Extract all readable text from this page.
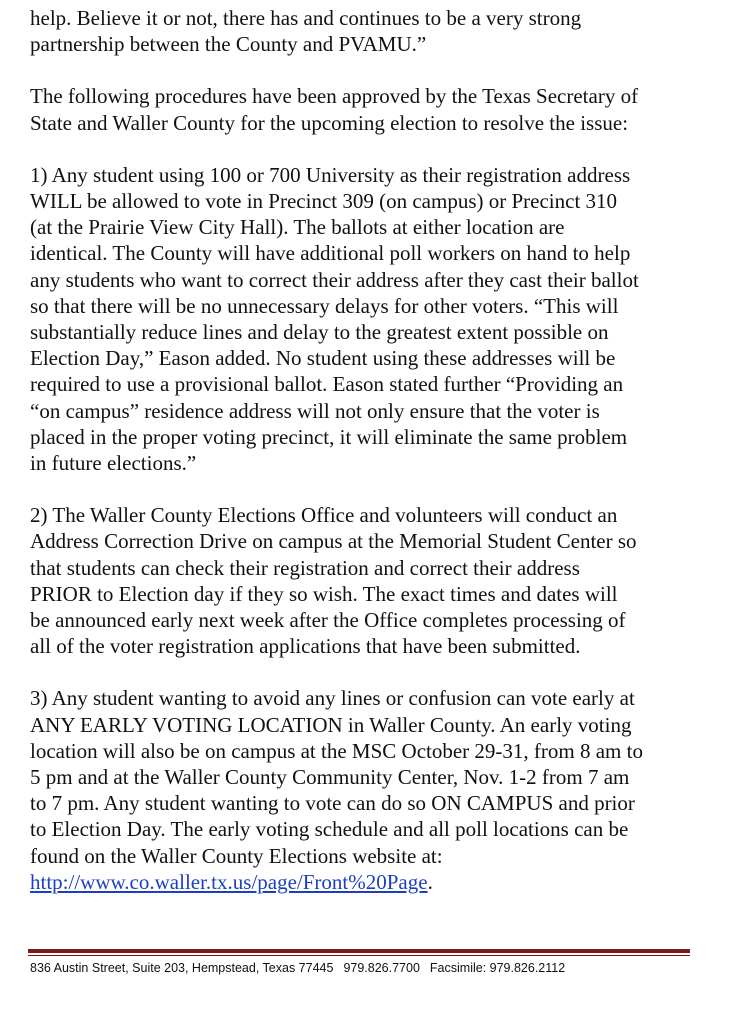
help. Believe it or not, there has and continues to be a very strong
partnership between the County and PVAMU.”

The following procedures have been approved by the Texas Secretary of
State and Waller County for the upcoming election to resolve the issue:

1) Any student using 100 or 700 University as their registration address
WILL be allowed to vote in Precinct 309 (on campus) or Precinct 310
(at the Prairie View City Hall). The ballots at either location are
identical. The County will have additional poll workers on hand to help
any students who want to correct their address after they cast their ballot
so that there will be no unnecessary delays for other voters. “This will
substantially reduce lines and delay to the greatest extent possible on
Election Day,” Eason added. No student using these addresses will be
required to use a provisional ballot. Eason stated further “Providing an
“on campus” residence address will not only ensure that the voter is
placed in the proper voting precinct, it will eliminate the same problem
in future elections.”

2) The Waller County Elections Office and volunteers will conduct an
Address Correction Drive on campus at the Memorial Student Center so
that students can check their registration and correct their address
PRIOR to Election day if they so wish. The exact times and dates will
be announced early next week after the Office completes processing of
all of the voter registration applications that have been submitted.

3) Any student wanting to avoid any lines or confusion can vote early at
ANY EARLY VOTING LOCATION in Waller County. An early voting
location will also be on campus at the MSC October 29-31, from 8 am to
5 pm and at the Waller County Community Center, Nov. 1-2 from 7 am
to 7 pm. Any student wanting to vote can do so ON CAMPUS and prior
to Election Day. The early voting schedule and all poll locations can be
found on the Waller County Elections website at:
http://www.co.waller.tx.us/page/Front%20Page.

836 Austin Street, Suite 203, Hempstead, Texas 77445 979.826.7700 Facsimile: 979.826.2112
